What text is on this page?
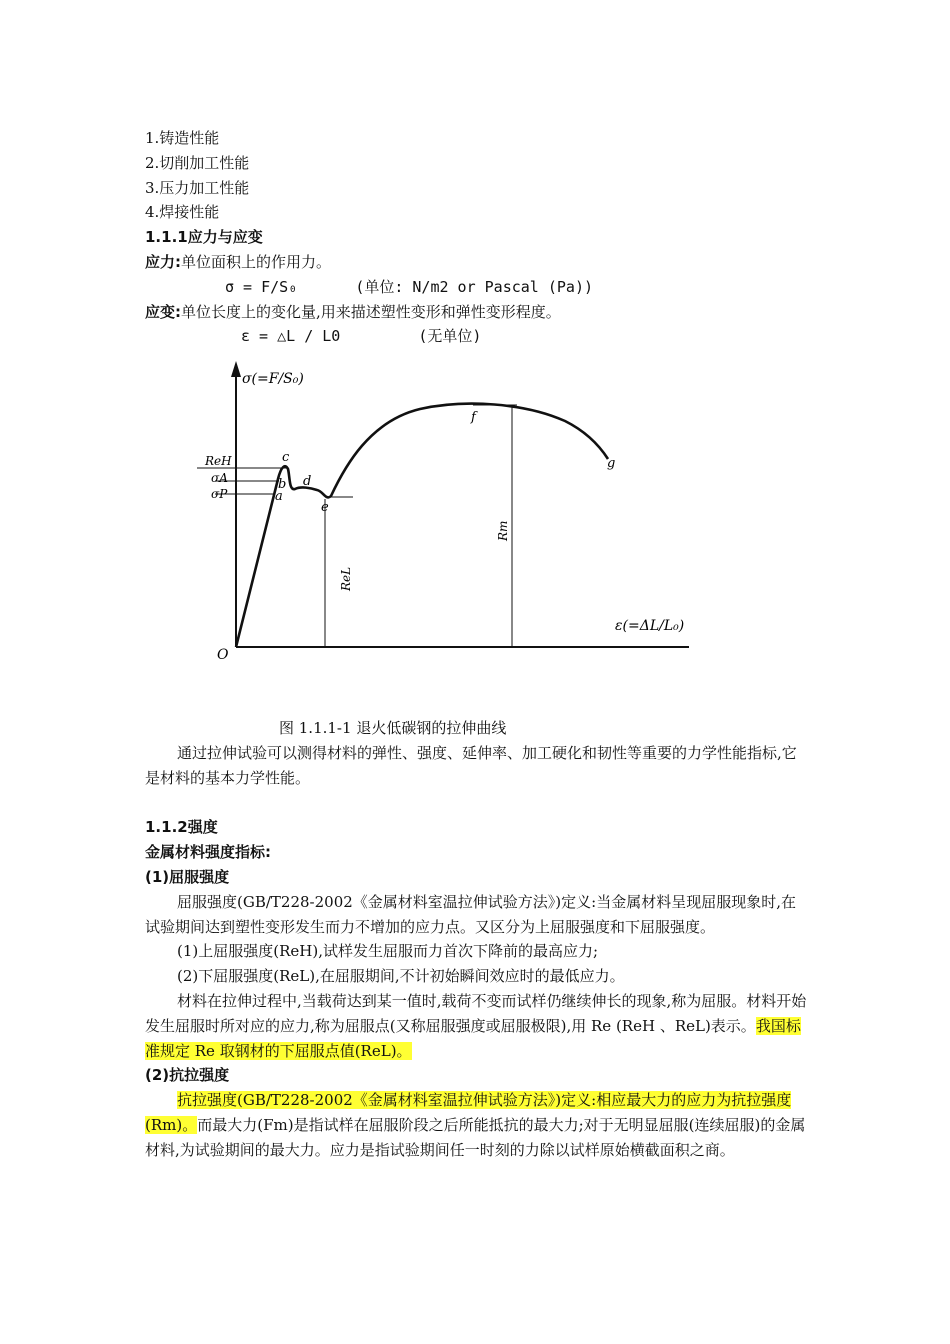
1.铸造性能
2.切削加工性能
3.压力加工性能
4.焊接性能
1.1.1应力与应变
应力:单位面积上的作用力。
σ = F/S₀	(单位: N/m2 or Pascal (Pa))
应变:单位长度上的变化量,用来描述塑性变形和弹性变形程度。
ε = △L / L0	(无单位)
σ(=F/S₀)
ε(=ΔL/L₀)
O
ReH
σA
σP	a
b
c
d
e
f
g
ReL
Rm
图 1.1.1-1 退火低碳钢的拉伸曲线
通过拉伸试验可以测得材料的弹性、强度、延伸率、加工硬化和韧性等重要的力学性能指标,它是材料的基本力学性能。
1.1.2强度
金属材料强度指标:
(1)屈服强度
屈服强度(GB/T228-2002《金属材料室温拉伸试验方法》)定义:当金属材料呈现屈服现象时,在试验期间达到塑性变形发生而力不增加的应力点。又区分为上屈服强度和下屈服强度。
(1)上屈服强度(ReH),试样发生屈服而力首次下降前的最高应力;
(2)下屈服强度(ReL),在屈服期间,不计初始瞬间效应时的最低应力。
材料在拉伸过程中,当载荷达到某一值时,载荷不变而试样仍继续伸长的现象,称为屈服。材料开始发生屈服时所对应的应力,称为屈服点(又称屈服强度或屈服极限),用 Re (ReH 、ReL)表示。我国标准规定 Re 取钢材的下屈服点值(ReL)。
(2)抗拉强度
抗拉强度(GB/T228-2002《金属材料室温拉伸试验方法》)定义:相应最大力的应力为抗拉强度(Rm)。而最大力(Fm)是指试样在屈服阶段之后所能抵抗的最大力;对于无明显屈服(连续屈服)的金属材料,为试验期间的最大力。应力是指试验期间任一时刻的力除以试样原始横截面积之商。
